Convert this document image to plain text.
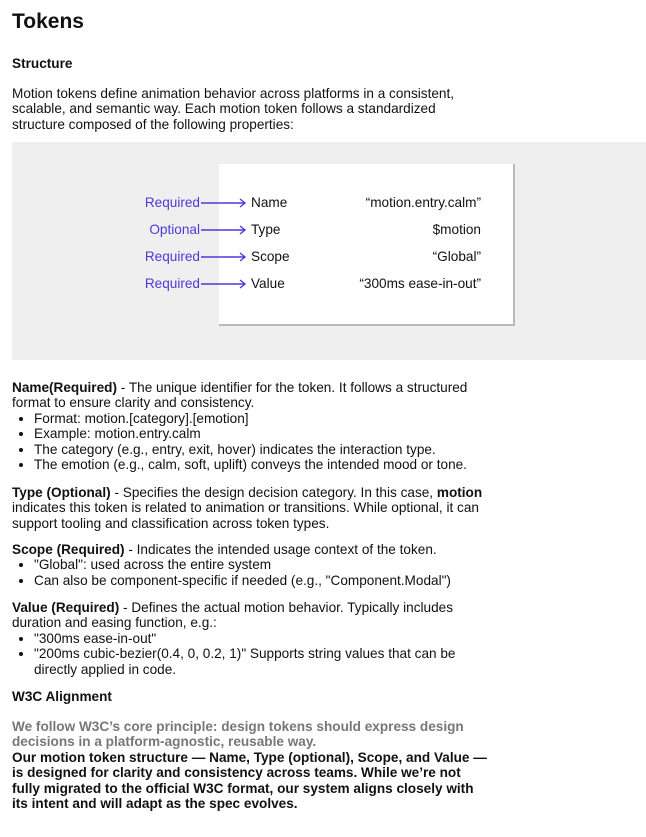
Tokens
Structure

Motion tokens define animation behavior across platforms in a consistent, scalable, and semantic way. Each motion token follows a standardized structure composed of the following properties:

Required	Name	“motion.entry.calm”
Optional	Type	$motion
Required	Scope	“Global”
Required	Value	“300ms ease-in-out”

Name(Required) - The unique identifier for the token. It follows a structured format to ensure clarity and consistency.

• Format: motion.[category].[emotion]
• Example: motion.entry.calm
• The category (e.g., entry, exit, hover) indicates the interaction type.
• The emotion (e.g., calm, soft, uplift) conveys the intended mood or tone.

Type (Optional) - Specifies the design decision category. In this case, motion indicates this token is related to animation or transitions. While optional, it can support tooling and classification across token types.

Scope (Required) - Indicates the intended usage context of the token.

• "Global": used across the entire system
• Can also be component-specific if needed (e.g., "Component.Modal")

Value (Required) - Defines the actual motion behavior. Typically includes duration and easing function, e.g.:

• "300ms ease-in-out"
• "200ms cubic-bezier(0.4, 0, 0.2, 1)" Supports string values that can be directly applied in code.
W3C Alignment

We follow W3C’s core principle: design tokens should express design decisions in a platform-agnostic, reusable way.

Our motion token structure — Name, Type (optional), Scope, and Value — is designed for clarity and consistency across teams. While we’re not fully migrated to the official W3C format, our system aligns closely with its intent and will adapt as the spec evolves.
